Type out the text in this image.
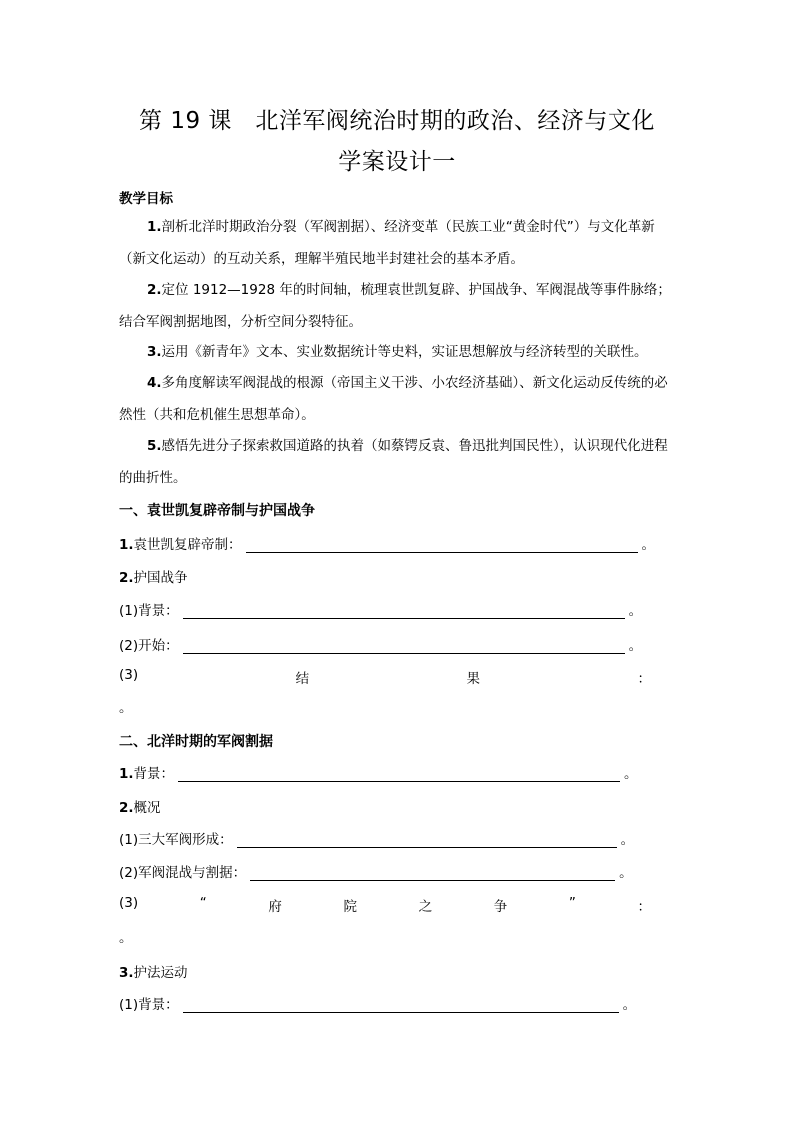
第 19 课　北洋军阀统治时期的政治、经济与文化
学案设计一
教学目标
1.剖析北洋时期政治分裂（军阀割据）、经济变革（民族工业“黄金时代”）与文化革新（新文化运动）的互动关系，理解半殖民地半封建社会的基本矛盾。
2.定位 1912—1928 年的时间轴，梳理袁世凯复辟、护国战争、军阀混战等事件脉络；结合军阀割据地图，分析空间分裂特征。
3.运用《新青年》文本、实业数据统计等史料，实证思想解放与经济转型的关联性。
4.多角度解读军阀混战的根源（帝国主义干涉、小农经济基础）、新文化运动反传统的必然性（共和危机催生思想革命）。
5.感悟先进分子探索救国道路的执着（如蔡锷反袁、鲁迅批判国民性），认识现代化进程的曲折性。
一、袁世凯复辟帝制与护国战争
1.袁世凯复辟帝制：	。
2.护国战争
(1)背景：	。
(2)开始：	。
(3)	结	果	：
。
二、北洋时期的军阀割据
1.背景：	。
2.概况
(1)三大军阀形成：	。
(2)军阀混战与割据：	。
(3)	“	府	院	之	争	”	：
。
3.护法运动
(1)背景：	。
